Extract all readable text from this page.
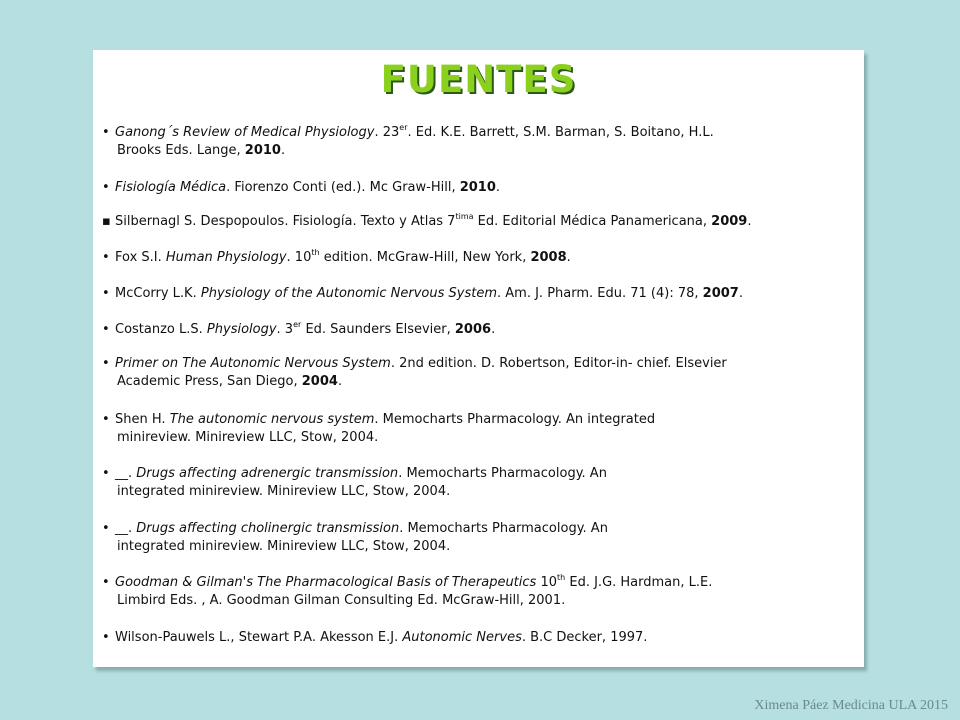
FUENTES
• Ganong´s Review of Medical Physiology. 23er. Ed. K.E. Barrett, S.M. Barman, S. Boitano, H.L.
Brooks Eds. Lange, 2010.
• Fisiología Médica. Fiorenzo Conti (ed.). Mc Graw-Hill, 2010.
▪ Silbernagl S. Despopoulos. Fisiología. Texto y Atlas $7^{tima}$ Ed. Editorial Médica Panamericana, 2009.
• Fox S.I. Human Physiology. 10th edition. McGraw-Hill, New York, 2008.
• McCorry L.K. Physiology of the Autonomic Nervous System. Am. J. Pharm. Edu. 71 (4): 78, 2007.
• Costanzo L.S. Physiology. 3er Ed. Saunders Elsevier, 2006.
• Primer on The Autonomic Nervous System. 2nd edition. D. Robertson, Editor-in- chief. Elsevier
Academic Press, San Diego, 2004.
• Shen H. The autonomic nervous system. Memocharts Pharmacology. An integrated
minireview. Minireview LLC, Stow, 2004.
• __. Drugs affecting adrenergic transmission. Memocharts Pharmacology. An
integrated minireview. Minireview LLC, Stow, 2004.
• __. Drugs affecting cholinergic transmission. Memocharts Pharmacology. An
integrated minireview. Minireview LLC, Stow, 2004.
• Goodman & Gilman's The Pharmacological Basis of Therapeutics 10th Ed. J.G. Hardman, L.E.
Limbird Eds. , A. Goodman Gilman Consulting Ed. McGraw-Hill, 2001.
• Wilson-Pauwels L., Stewart P.A. Akesson E.J. Autonomic Nerves. B.C Decker, 1997.
Ximena Páez Medicina ULA 2015
